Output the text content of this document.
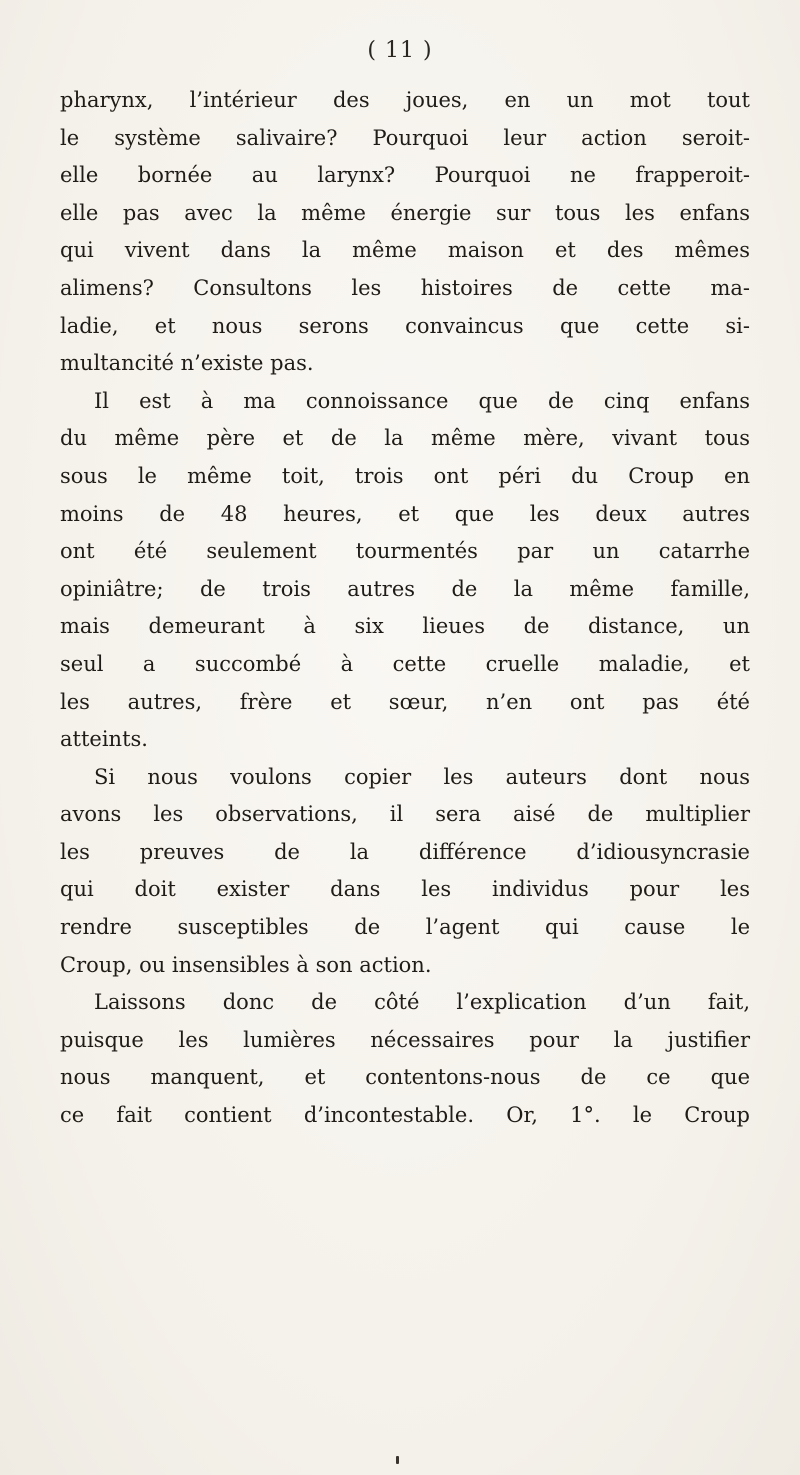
( 11 )
pharynx, l’intérieur des joues, en un mot tout
le système salivaire? Pourquoi leur action seroit-
elle bornée au larynx? Pourquoi ne frapperoit-
elle pas avec la même énergie sur tous les enfans
qui vivent dans la même maison et des mêmes
alimens? Consultons les histoires de cette ma-
ladie, et nous serons convaincus que cette si-
multancité n’existe pas.
Il est à ma connoissance que de cinq enfans
du même père et de la même mère, vivant tous
sous le même toit, trois ont péri du Croup en
moins de 48 heures, et que les deux autres
ont été seulement tourmentés par un catarrhe
opiniâtre; de trois autres de la même famille,
mais demeurant à six lieues de distance, un
seul a succombé à cette cruelle maladie, et
les autres, frère et sœur, n’en ont pas été
atteints.
Si nous voulons copier les auteurs dont nous
avons les observations, il sera aisé de multiplier
les preuves de la différence d’idiousyncrasie
qui doit exister dans les individus pour les
rendre susceptibles de l’agent qui cause le
Croup, ou insensibles à son action.
Laissons donc de côté l’explication d’un fait,
puisque les lumières nécessaires pour la justifier
nous manquent, et contentons-nous de ce que
ce fait contient d’incontestable. Or, 1°. le Croup
